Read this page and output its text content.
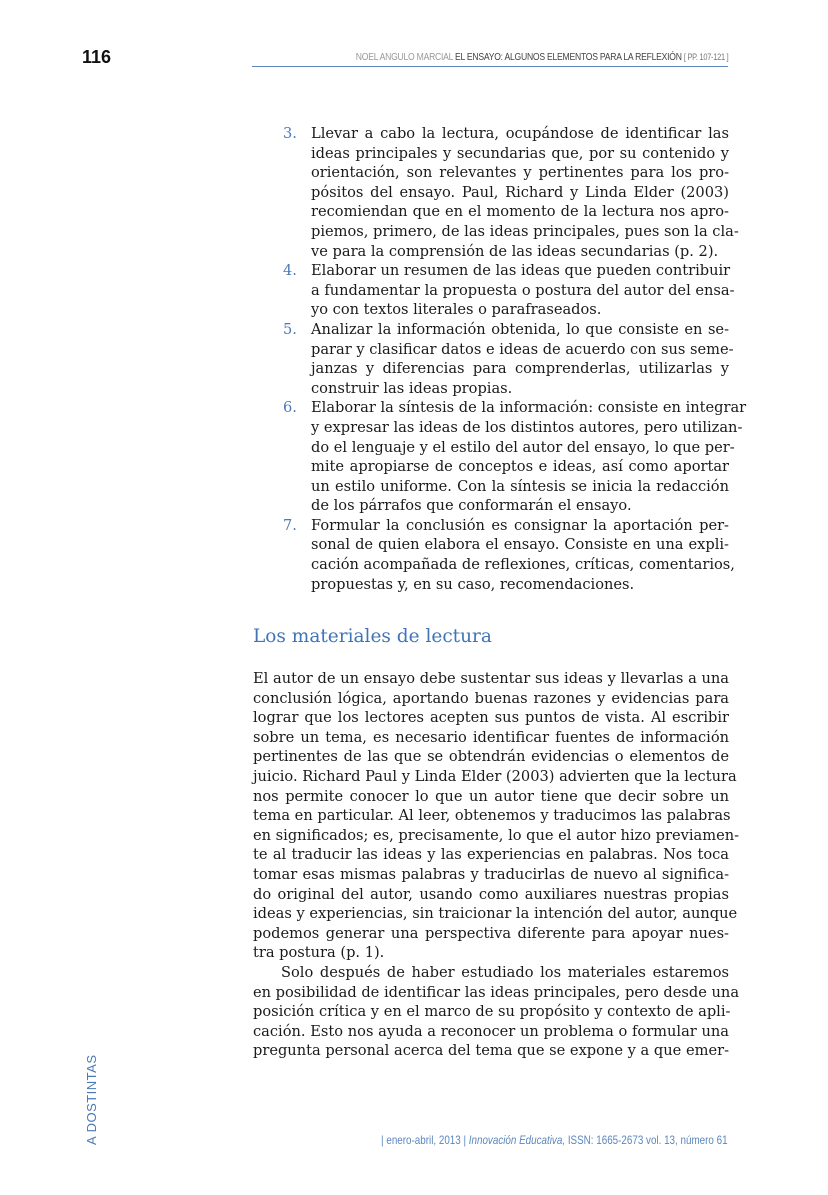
116	NOEL ANGULO MARCIAL EL ENSAYO: ALGUNOS ELEMENTOS PARA LA REFLEXIÓN [ PP. 107-121 ]
3. Llevar a cabo la lectura, ocupándose de identificar las
ideas principales y secundarias que, por su contenido y
orientación, son relevantes y pertinentes para los pro-
pósitos del ensayo. Paul, Richard y Linda Elder (2003)
recomiendan que en el momento de la lectura nos apro-
piemos, primero, de las ideas principales, pues son la cla-
ve para la comprensión de las ideas secundarias (p. 2).
4. Elaborar un resumen de las ideas que pueden contribuir
a fundamentar la propuesta o postura del autor del ensa-
yo con textos literales o parafraseados.
5. Analizar la información obtenida, lo que consiste en se-
parar y clasificar datos e ideas de acuerdo con sus seme-
janzas y diferencias para comprenderlas, utilizarlas y
construir las ideas propias.
6. Elaborar la síntesis de la información: consiste en integrar
y expresar las ideas de los distintos autores, pero utilizan-
do el lenguaje y el estilo del autor del ensayo, lo que per-
mite apropiarse de conceptos e ideas, así como aportar
un estilo uniforme. Con la síntesis se inicia la redacción
de los párrafos que conformarán el ensayo.
7. Formular la conclusión es consignar la aportación per-
sonal de quien elabora el ensayo. Consiste en una expli-
cación acompañada de reflexiones, críticas, comentarios,
propuestas y, en su caso, recomendaciones.
Los materiales de lectura
El autor de un ensayo debe sustentar sus ideas y llevarlas a una
conclusión lógica, aportando buenas razones y evidencias para
lograr que los lectores acepten sus puntos de vista. Al escribir
sobre un tema, es necesario identificar fuentes de información
pertinentes de las que se obtendrán evidencias o elementos de
juicio. Richard Paul y Linda Elder (2003) advierten que la lectura
nos permite conocer lo que un autor tiene que decir sobre un
tema en particular. Al leer, obtenemos y traducimos las palabras
en significados; es, precisamente, lo que el autor hizo previamen-
te al traducir las ideas y las experiencias en palabras. Nos toca
tomar esas mismas palabras y traducirlas de nuevo al significa-
do original del autor, usando como auxiliares nuestras propias
ideas y experiencias, sin traicionar la intención del autor, aunque
podemos generar una perspectiva diferente para apoyar nues-
tra postura (p. 1).
Solo después de haber estudiado los materiales estaremos
en posibilidad de identificar las ideas principales, pero desde una
posición crítica y en el marco de su propósito y contexto de apli-
cación. Esto nos ayuda a reconocer un problema o formular una
pregunta personal acerca del tema que se expone y a que emer-
A DOSTINTAS	| enero-abril, 2013 | Innovación Educativa, ISSN: 1665-2673 vol. 13, número 61
